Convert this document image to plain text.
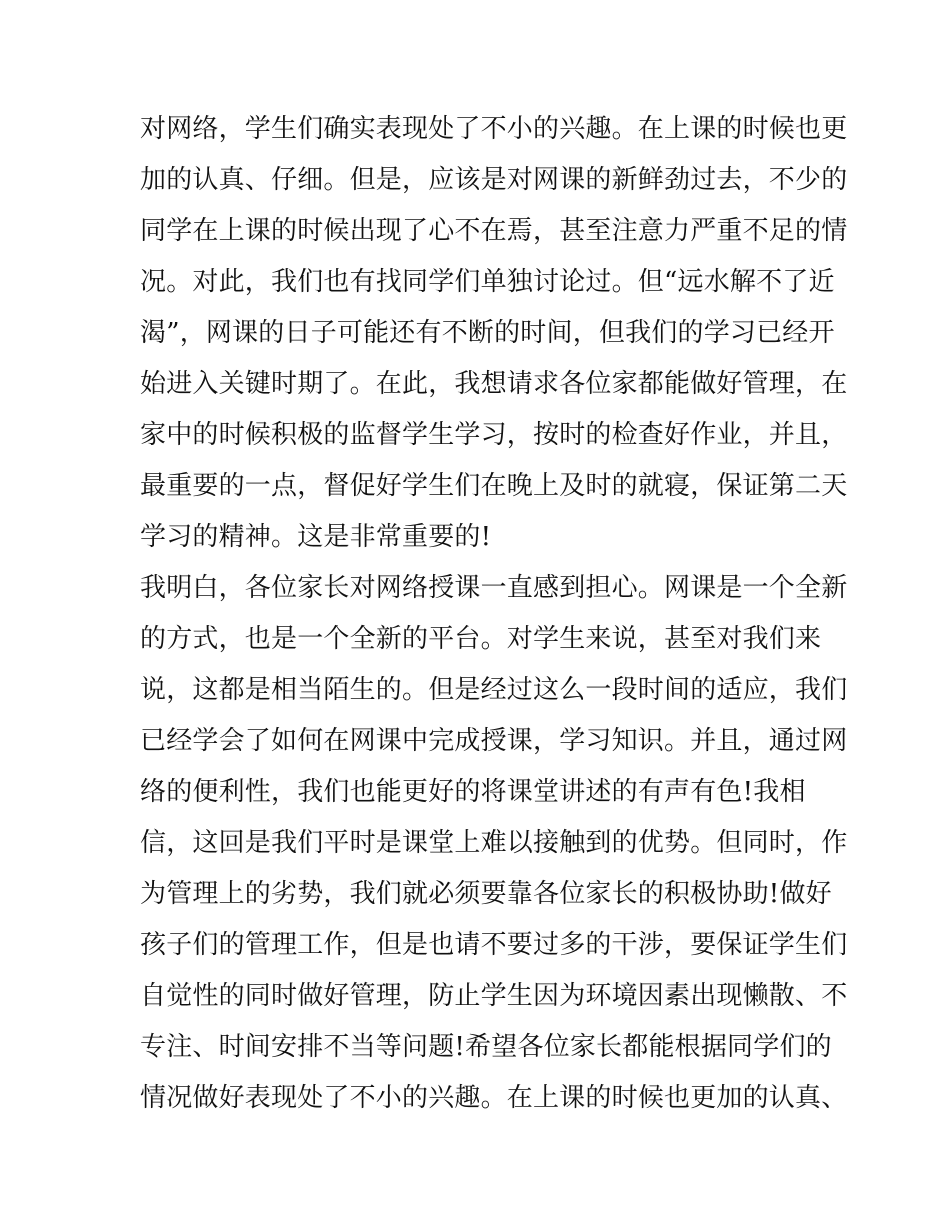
对网络，学生们确实表现处了不小的兴趣。在上课的时候也更
加的认真、仔细。但是，应该是对网课的新鲜劲过去，不少的
同学在上课的时候出现了心不在焉，甚至注意力严重不足的情
况。对此，我们也有找同学们单独讨论过。但“远水解不了近
渴”，网课的日子可能还有不断的时间，但我们的学习已经开
始进入关键时期了。在此，我想请求各位家都能做好管理，在
家中的时候积极的监督学生学习，按时的检查好作业，并且，
最重要的一点，督促好学生们在晚上及时的就寝，保证第二天
学习的精神。这是非常重要的!
我明白，各位家长对网络授课一直感到担心。网课是一个全新
的方式，也是一个全新的平台。对学生来说，甚至对我们来
说，这都是相当陌生的。但是经过这么一段时间的适应，我们
已经学会了如何在网课中完成授课，学习知识。并且，通过网
络的便利性，我们也能更好的将课堂讲述的有声有色!我相
信，这回是我们平时是课堂上难以接触到的优势。但同时，作
为管理上的劣势，我们就必须要靠各位家长的积极协助!做好
孩子们的管理工作，但是也请不要过多的干涉，要保证学生们
自觉性的同时做好管理，防止学生因为环境因素出现懒散、不
专注、时间安排不当等问题!希望各位家长都能根据同学们的
情况做好表现处了不小的兴趣。在上课的时候也更加的认真、
